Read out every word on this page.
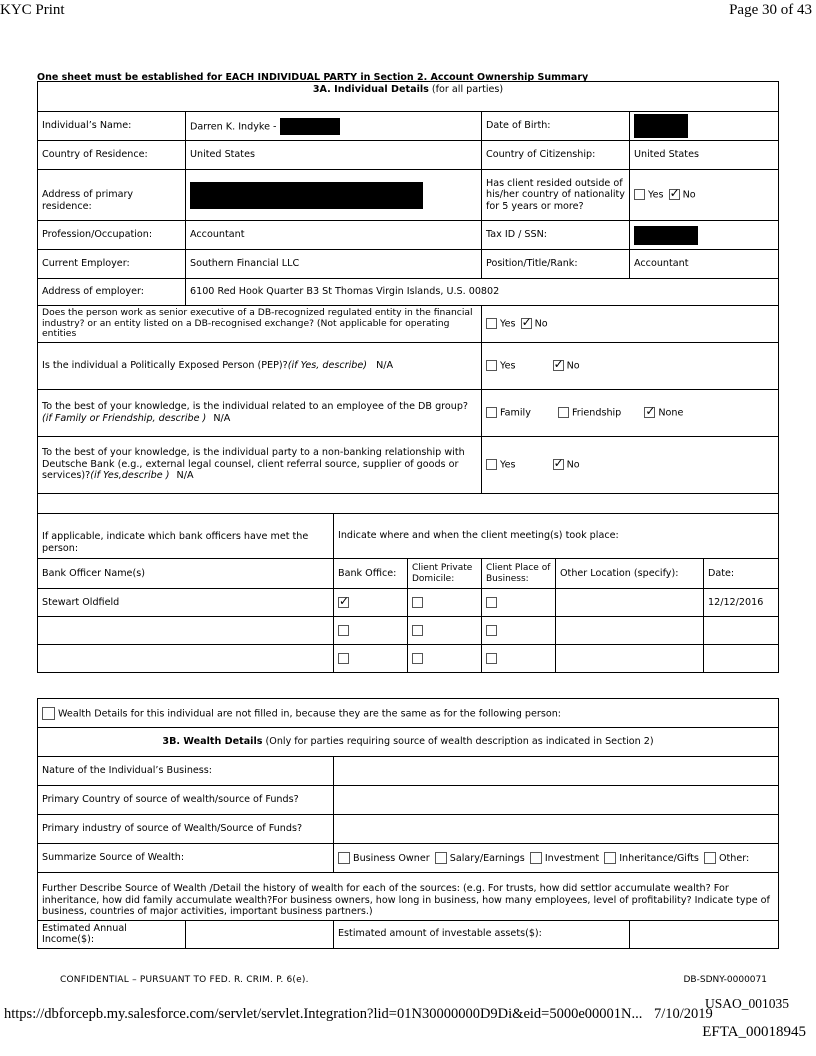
KYC Print	Page 30 of 43
One sheet must be established for EACH INDIVIDUAL PARTY in Section 2. Account Ownership Summary
3A. Individual Details (for all parties)			
Individual’s Name:	Darren K. Indyke -	Date of Birth:	
Country of Residence:	United States	Country of Citizenship:	United States
Address of primary residence:		Has client resided outside of his/her country of nationality for 5 years or more?	Yes ✓ No
Profession/Occupation:	Accountant	Tax ID / SSN:	
Current Employer:	Southern Financial LLC	Position/Title/Rank:	Accountant
Address of employer:	6100 Red Hook Quarter B3 St Thomas Virgin Islands, U.S. 00802		
Does the person work as senior executive of a DB-recognized regulated entity in the financial industry? or an entity listed on a DB-recognised exchange? (Not applicable for operating entities		Yes ✓ No
Is the individual a Politically Exposed Person (PEP)?(if Yes, describe) N/A		Yes ✓ No
To the best of your knowledge, is the individual related to an employee of the DB group?(if Family or Friendship, describe ) N/A		Family Friendship ✓ None
To the best of your knowledge, is the individual party to a non-banking relationship with Deutsche Bank (e.g., external legal counsel, client referral source, supplier of goods or services)?(if Yes,describe ) N/A		Yes ✓ No

If applicable, indicate which bank officers have met the person:	Indicate where and when the client meeting(s) took place:				
Bank Officer Name(s)	Bank Office:	Client Private Domicile:	Client Place of Business:	Other Location (specify):	Date:
Stewart Oldfield	✓				12/12/2016

Wealth Details for this individual are not filled in, because they are the same as for the following person:			
3B. Wealth Details (Only for parties requiring source of wealth description as indicated in Section 2)			
Nature of the Individual’s Business:			
Primary Country of source of wealth/source of Funds?			
Primary industry of source of Wealth/Source of Funds?			
Summarize Source of Wealth:		Business Owner Salary/Earnings Investment Inheritance/Gifts Other:	
Further Describe Source of Wealth /Detail the history of wealth for each of the sources: (e.g. For trusts, how did settlor accumulate wealth? For inheritance, how did family accumulate wealth?For business owners, how long in business, how many employees, level of profitability? Indicate type of business, countries of major activities, important business partners.)			
Estimated Annual Income($):		Estimated amount of investable assets($):	
CONFIDENTIAL – PURSUANT TO FED. R. CRIM. P. 6(e).	DB-SDNY-0000071
USAO_001035
https://dbforcepb.my.salesforce.com/servlet/servlet.Integration?lid=01N30000000D9Di&eid=5000e00001N... 7/10/2019
EFTA_00018945
